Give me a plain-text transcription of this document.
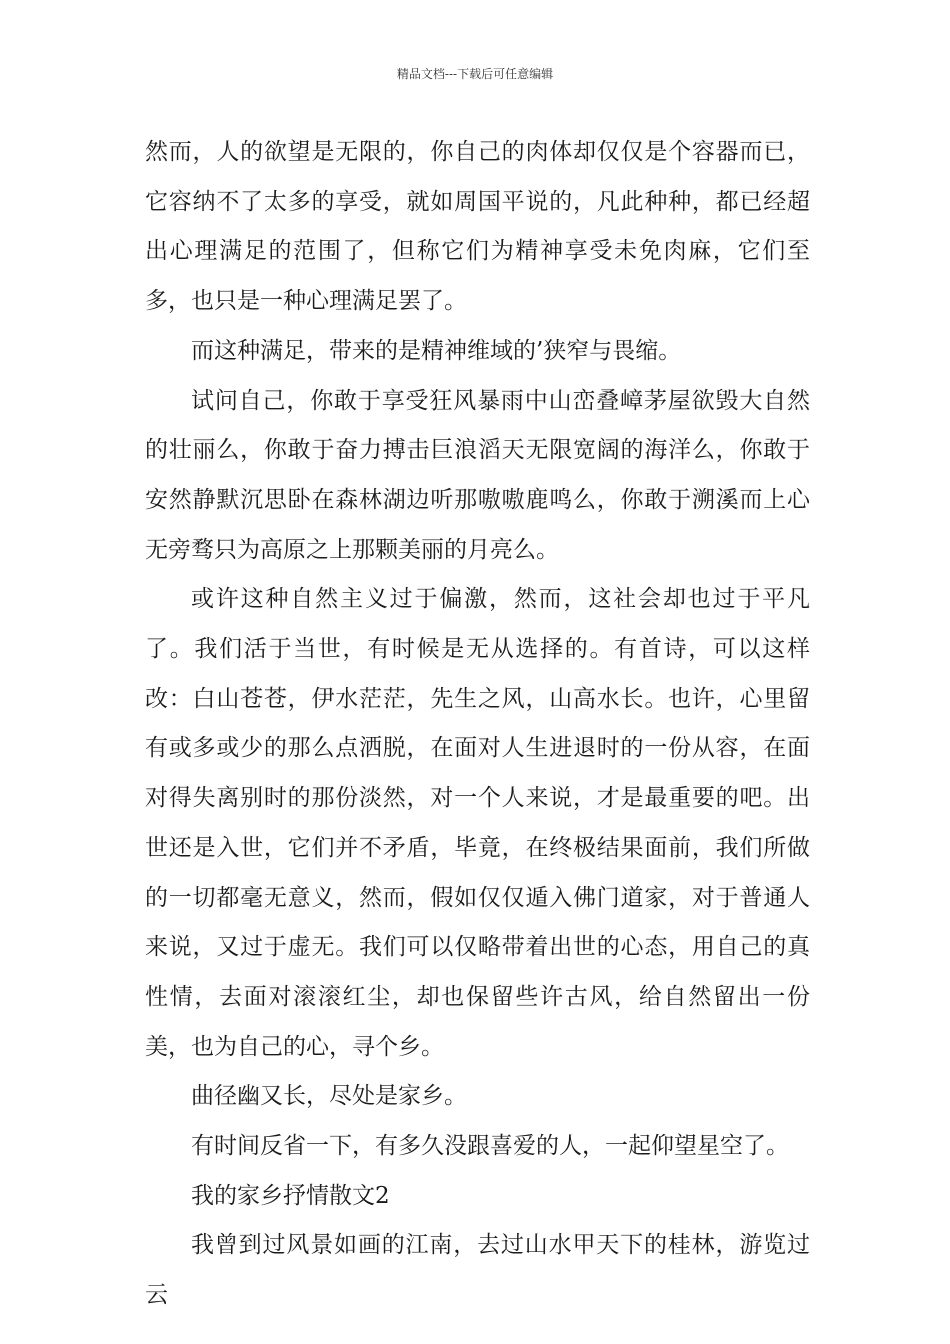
精品文档---下载后可任意编辑

然而，人的欲望是无限的，你自己的肉体却仅仅是个容器而已，它容纳不了太多的享受，就如周国平说的，凡此种种，都已经超出心理满足的范围了，但称它们为精神享受未免肉麻，它们至多，也只是一种心理满足罢了。

而这种满足，带来的是精神维域的’狭窄与畏缩。

试问自己，你敢于享受狂风暴雨中山峦叠嶂茅屋欲毁大自然的壮丽么，你敢于奋力搏击巨浪滔天无限宽阔的海洋么，你敢于安然静默沉思卧在森林湖边听那嗷嗷鹿鸣么，你敢于溯溪而上心无旁骛只为高原之上那颗美丽的月亮么。

或许这种自然主义过于偏激，然而，这社会却也过于平凡了。我们活于当世，有时候是无从选择的。有首诗，可以这样改：白山苍苍，伊水茫茫，先生之风，山高水长。也许，心里留有或多或少的那么点洒脱，在面对人生进退时的一份从容，在面对得失离别时的那份淡然，对一个人来说，才是最重要的吧。出世还是入世，它们并不矛盾，毕竟，在终极结果面前，我们所做的一切都毫无意义，然而，假如仅仅遁入佛门道家，对于普通人来说，又过于虚无。我们可以仅略带着出世的心态，用自己的真性情，去面对滚滚红尘，却也保留些许古风，给自然留出一份美，也为自己的心，寻个乡。

曲径幽又长，尽处是家乡。

有时间反省一下，有多久没跟喜爱的人，一起仰望星空了。

我的家乡抒情散文2

我曾到过风景如画的江南，去过山水甲天下的桂林，游览过云
